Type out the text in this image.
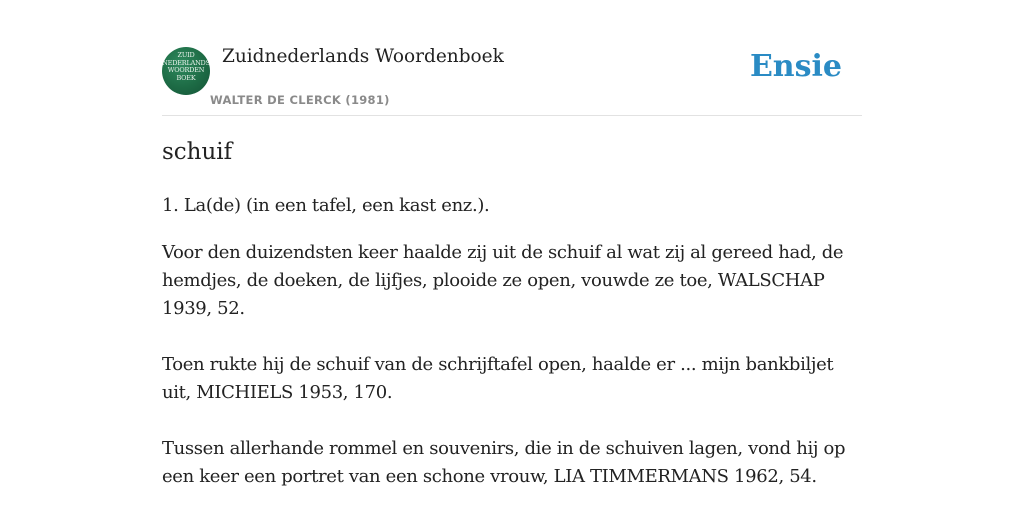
ZUID
NEDERLANDS
WOORDEN
BOEK
Zuidnederlands Woordenboek
WALTER DE CLERCK (1981)
Ensie
schuif

1. La(de) (in een tafel, een kast enz.).

Voor den duizendsten keer haalde zij uit de schuif al wat zij al gereed had, de hemdjes, de doeken, de lijfjes, plooide ze open, vouwde ze toe, WALSCHAP 1939, 52.

Toen rukte hij de schuif van de schrijftafel open, haalde er ... mijn bankbiljet uit, MICHIELS 1953, 170.

Tussen allerhande rommel en souvenirs, die in de schuiven lagen, vond hij op een keer een portret van een schone vrouw, LIA TIMMERMANS 1962, 54.
